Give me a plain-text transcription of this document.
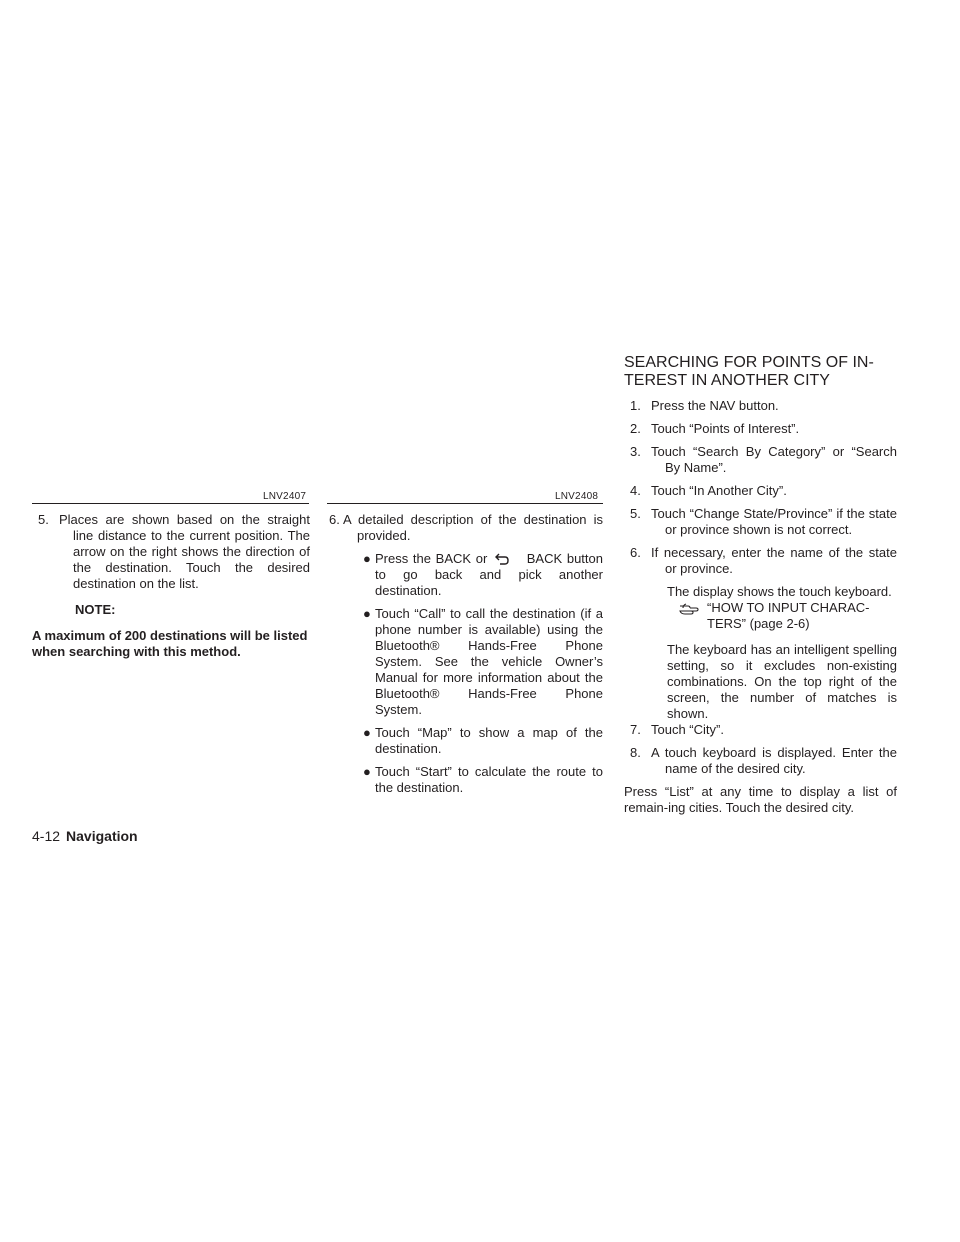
LNV2407	LNV2408
5. Places are shown based on the straight line distance to the current position. The arrow on the right shows the direction of the destination. Touch the desired destination on the list.
NOTE:

A maximum of 200 destinations will be listed when searching with this method.

6. A detailed description of the destination is provided.
● Press the BACK or	BACK button to go back and pick another destination.
● Touch “Call” to call the destination (if a phone number is available) using the Bluetooth® Hands-Free Phone System. See the vehicle Owner’s Manual for more information about the Bluetooth® Hands-Free Phone System.
● Touch “Map” to show a map of the destination.
● Touch “Start” to calculate the route to the destination.
SEARCHING FOR POINTS OF IN-
TEREST IN ANOTHER CITY
1. Press the NAV button.
2. Touch “Points of Interest”.
3. Touch “Search By Category” or “Search By Name”.
4. Touch “In Another City”.
5. Touch “Change State/Province” if the state or province shown is not correct.
6. If necessary, enter the name of the state or province.

The display shows the touch keyboard.

“HOW TO INPUT CHARAC-
TERS” (page 2-6)

The keyboard has an intelligent spelling setting, so it excludes non-existing combinations. On the top right of the screen, the number of matches is shown.

7. Touch “City”.
8. A touch keyboard is displayed. Enter the name of the desired city.

Press “List” at any time to display a list of remain-ing cities. Touch the desired city.

4-12 Navigation
